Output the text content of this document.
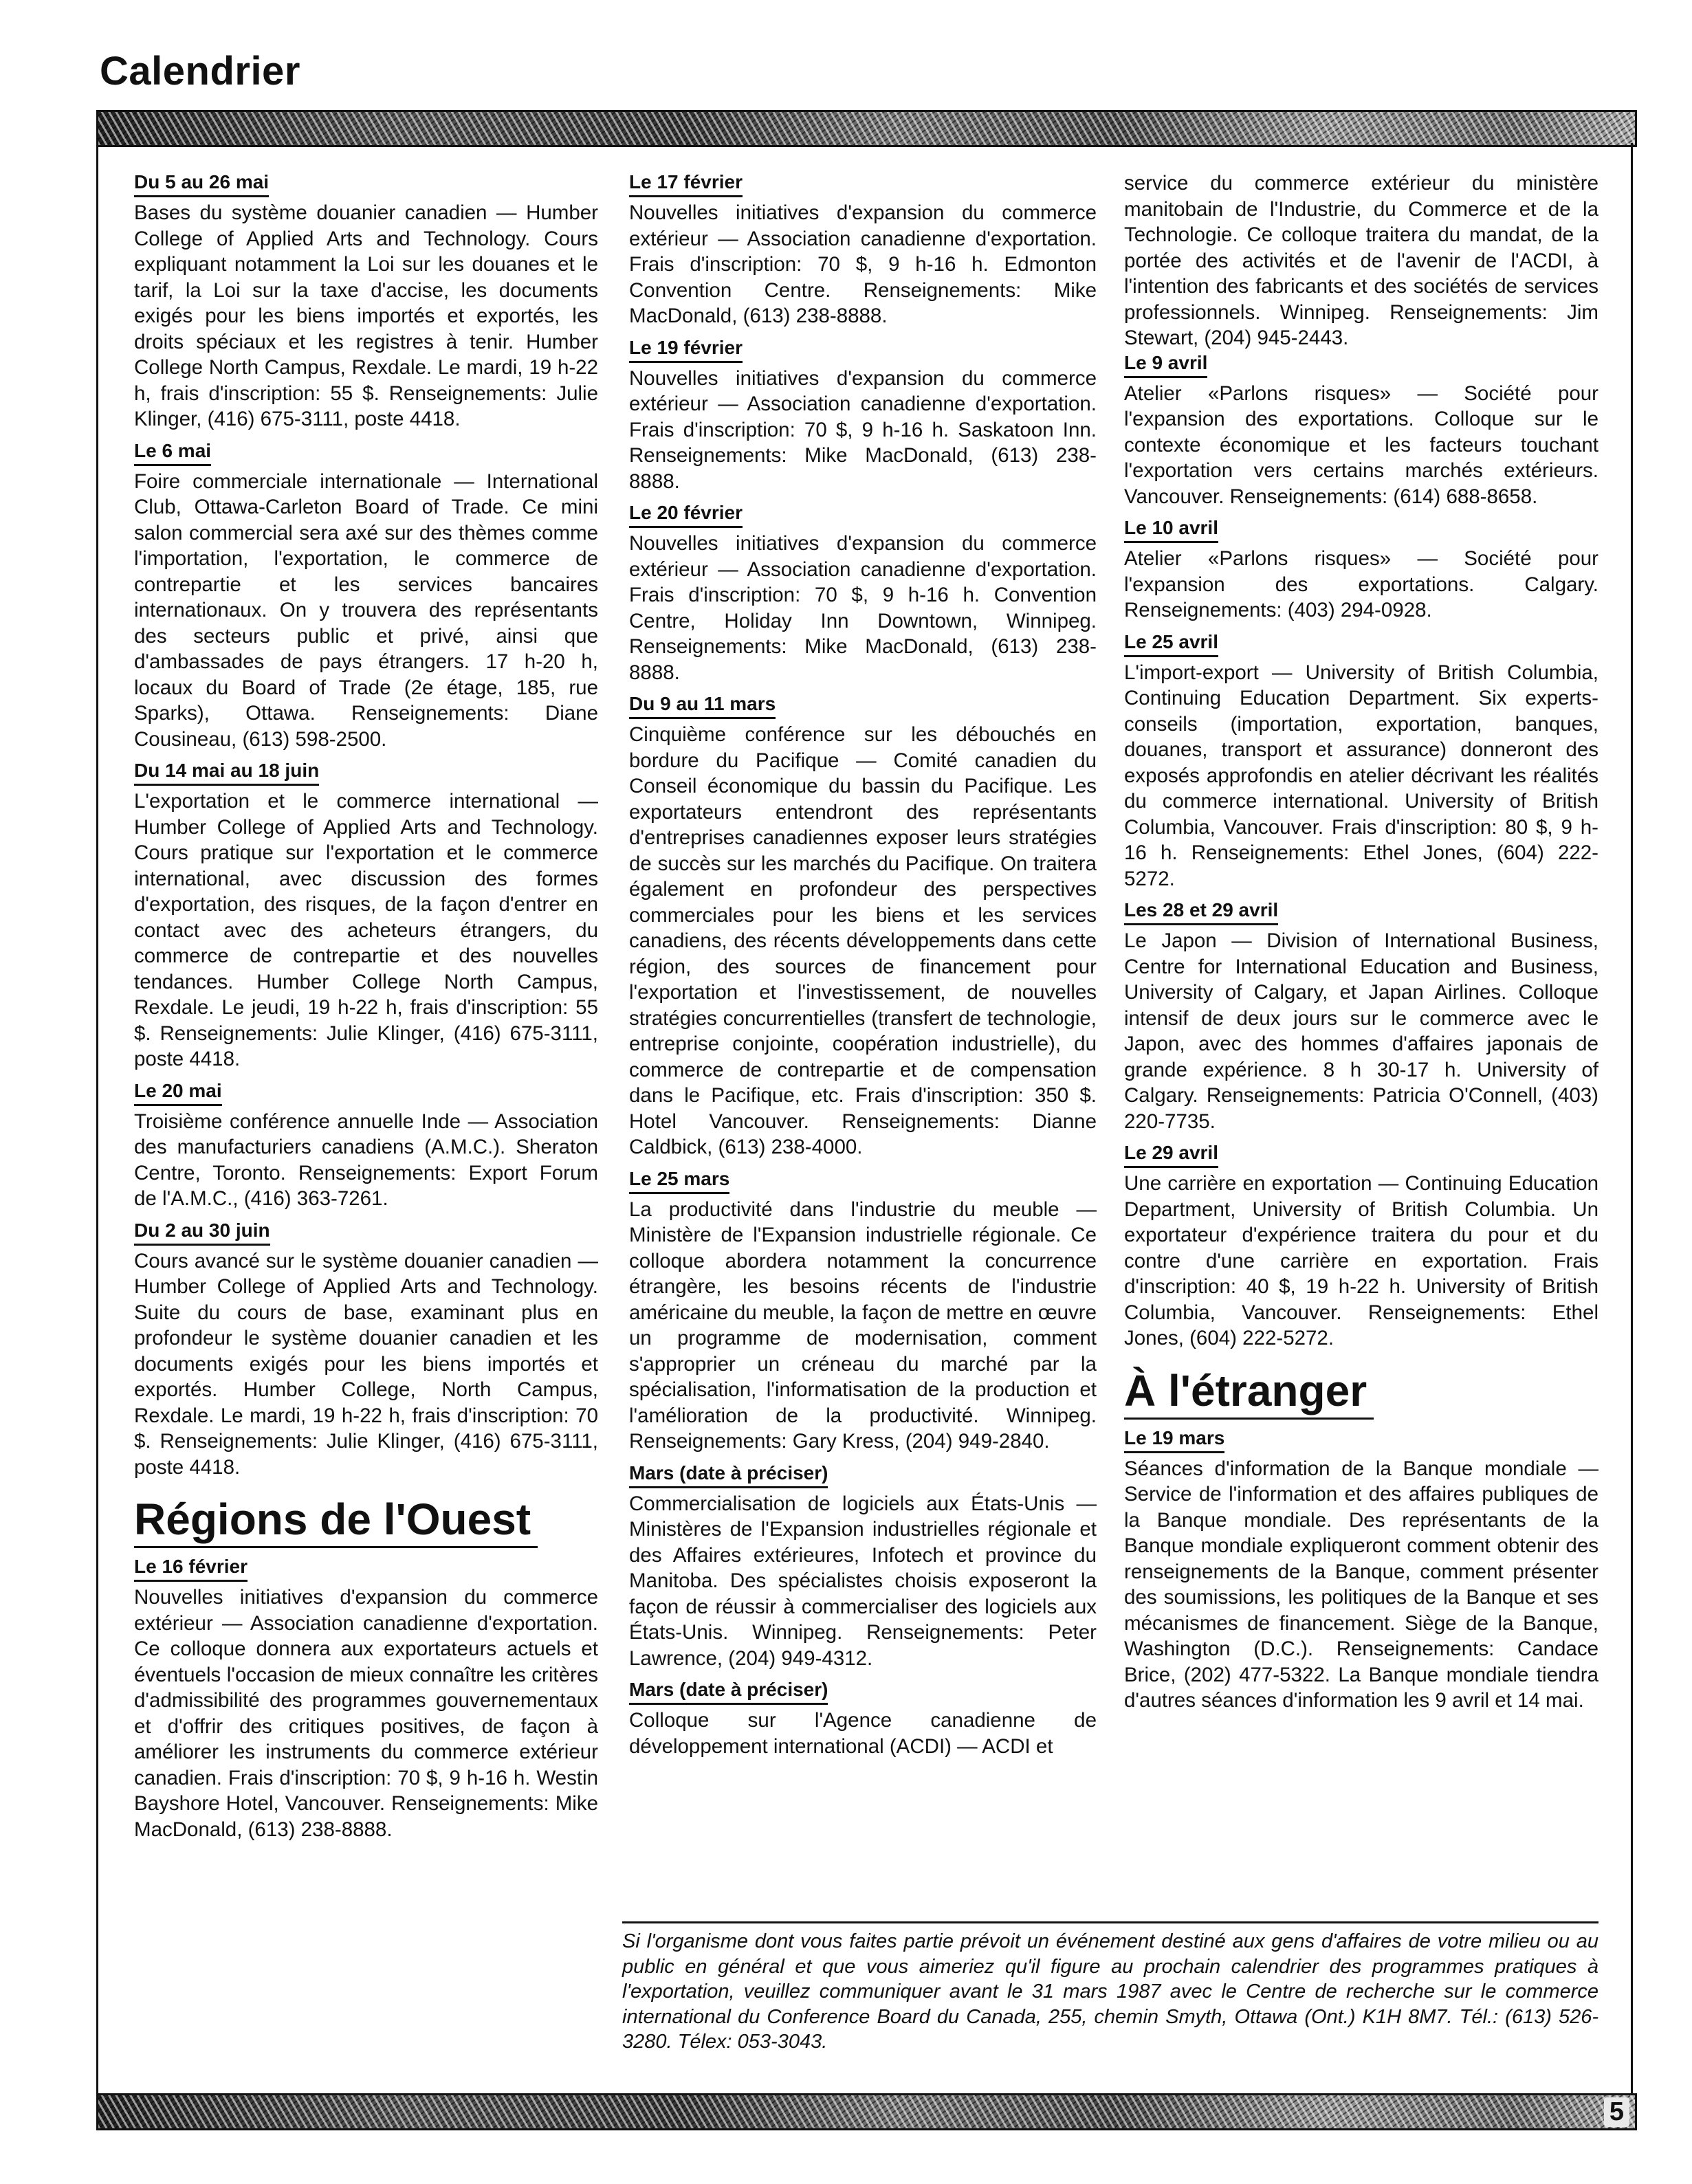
Calendrier
Du 5 au 26 mai

Bases du système douanier canadien — Humber College of Applied Arts and Technology. Cours expliquant notamment la Loi sur les douanes et le tarif, la Loi sur la taxe d'accise, les documents exigés pour les biens importés et exportés, les droits spéciaux et les registres à tenir. Humber College North Campus, Rexdale. Le mardi, 19 h-22 h, frais d'inscription: 55 $. Renseignements: Julie Klinger, (416) 675-3111, poste 4418.

Le 6 mai

Foire commerciale internationale — International Club, Ottawa-Carleton Board of Trade. Ce mini salon commercial sera axé sur des thèmes comme l'importation, l'exportation, le commerce de contrepartie et les services bancaires internationaux. On y trouvera des représentants des secteurs public et privé, ainsi que d'ambassades de pays étrangers. 17 h-20 h, locaux du Board of Trade (2e étage, 185, rue Sparks), Ottawa. Renseignements: Diane Cousineau, (613) 598-2500.

Du 14 mai au 18 juin

L'exportation et le commerce international — Humber College of Applied Arts and Technology. Cours pratique sur l'exportation et le commerce international, avec discussion des formes d'exportation, des risques, de la façon d'entrer en contact avec des acheteurs étrangers, du commerce de contrepartie et des nouvelles tendances. Humber College North Campus, Rexdale. Le jeudi, 19 h-22 h, frais d'inscription: 55 $. Renseignements: Julie Klinger, (416) 675-3111, poste 4418.

Le 20 mai

Troisième conférence annuelle Inde — Association des manufacturiers canadiens (A.M.C.). Sheraton Centre, Toronto. Renseignements: Export Forum de l'A.M.C., (416) 363-7261.

Du 2 au 30 juin

Cours avancé sur le système douanier canadien — Humber College of Applied Arts and Technology. Suite du cours de base, examinant plus en profondeur le système douanier canadien et les documents exigés pour les biens importés et exportés. Humber College, North Campus, Rexdale. Le mardi, 19 h-22 h, frais d'inscription: 70 $. Renseignements: Julie Klinger, (416) 675-3111, poste 4418.

Régions de l'Ouest
Le 16 février

Nouvelles initiatives d'expansion du commerce extérieur — Association canadienne d'exportation. Ce colloque donnera aux exportateurs actuels et éventuels l'occasion de mieux connaître les critères d'admissibilité des programmes gouvernementaux et d'offrir des critiques positives, de façon à améliorer les instruments du commerce extérieur canadien. Frais d'inscription: 70 $, 9 h-16 h. Westin Bayshore Hotel, Vancouver. Renseignements: Mike MacDonald, (613) 238-8888.

Le 17 février

Nouvelles initiatives d'expansion du commerce extérieur — Association canadienne d'exportation. Frais d'inscription: 70 $, 9 h-16 h. Edmonton Convention Centre. Renseignements: Mike MacDonald, (613) 238-8888.

Le 19 février

Nouvelles initiatives d'expansion du commerce extérieur — Association canadienne d'exportation. Frais d'inscription: 70 $, 9 h-16 h. Saskatoon Inn. Renseignements: Mike MacDonald, (613) 238-8888.

Le 20 février

Nouvelles initiatives d'expansion du commerce extérieur — Association canadienne d'exportation. Frais d'inscription: 70 $, 9 h-16 h. Convention Centre, Holiday Inn Downtown, Winnipeg. Renseignements: Mike MacDonald, (613) 238-8888.

Du 9 au 11 mars

Cinquième conférence sur les débouchés en bordure du Pacifique — Comité canadien du Conseil économique du bassin du Pacifique. Les exportateurs entendront des représentants d'entreprises canadiennes exposer leurs stratégies de succès sur les marchés du Pacifique. On traitera également en profondeur des perspectives commerciales pour les biens et les services canadiens, des récents développements dans cette région, des sources de financement pour l'exportation et l'investissement, de nouvelles stratégies concurrentielles (transfert de technologie, entreprise conjointe, coopération industrielle), du commerce de contrepartie et de compensation dans le Pacifique, etc. Frais d'inscription: 350 $. Hotel Vancouver. Renseignements: Dianne Caldbick, (613) 238-4000.

Le 25 mars

La productivité dans l'industrie du meuble — Ministère de l'Expansion industrielle régionale. Ce colloque abordera notamment la concurrence étrangère, les besoins récents de l'industrie américaine du meuble, la façon de mettre en œuvre un programme de modernisation, comment s'approprier un créneau du marché par la spécialisation, l'informatisation de la production et l'amélioration de la productivité. Winnipeg. Renseignements: Gary Kress, (204) 949-2840.

Mars (date à préciser)

Commercialisation de logiciels aux États-Unis — Ministères de l'Expansion industrielles régionale et des Affaires extérieures, Infotech et province du Manitoba. Des spécialistes choisis exposeront la façon de réussir à commercialiser des logiciels aux États-Unis. Winnipeg. Renseignements: Peter Lawrence, (204) 949-4312.

Mars (date à préciser)

Colloque sur l'Agence canadienne de développement international (ACDI) — ACDI et

service du commerce extérieur du ministère manitobain de l'Industrie, du Commerce et de la Technologie. Ce colloque traitera du mandat, de la portée des activités et de l'avenir de l'ACDI, à l'intention des fabricants et des sociétés de services professionnels. Winnipeg. Renseignements: Jim Stewart, (204) 945-2443.

Le 9 avril

Atelier «Parlons risques» — Société pour l'expansion des exportations. Colloque sur le contexte économique et les facteurs touchant l'exportation vers certains marchés extérieurs. Vancouver. Renseignements: (614) 688-8658.

Le 10 avril

Atelier «Parlons risques» — Société pour l'expansion des exportations. Calgary. Renseignements: (403) 294-0928.

Le 25 avril

L'import-export — University of British Columbia, Continuing Education Department. Six experts-conseils (importation, exportation, banques, douanes, transport et assurance) donneront des exposés approfondis en atelier décrivant les réalités du commerce international. University of British Columbia, Vancouver. Frais d'inscription: 80 $, 9 h-16 h. Renseignements: Ethel Jones, (604) 222-5272.

Les 28 et 29 avril

Le Japon — Division of International Business, Centre for International Education and Business, University of Calgary, et Japan Airlines. Colloque intensif de deux jours sur le commerce avec le Japon, avec des hommes d'affaires japonais de grande expérience. 8 h 30-17 h. University of Calgary. Renseignements: Patricia O'Connell, (403) 220-7735.

Le 29 avril

Une carrière en exportation — Continuing Education Department, University of British Columbia. Un exportateur d'expérience traitera du pour et du contre d'une carrière en exportation. Frais d'inscription: 40 $, 19 h-22 h. University of British Columbia, Vancouver. Renseignements: Ethel Jones, (604) 222-5272.

À l'étranger
Le 19 mars

Séances d'information de la Banque mondiale — Service de l'information et des affaires publiques de la Banque mondiale. Des représentants de la Banque mondiale expliqueront comment obtenir des renseignements de la Banque, comment présenter des soumissions, les politiques de la Banque et ses mécanismes de financement. Siège de la Banque, Washington (D.C.). Renseignements: Candace Brice, (202) 477-5322. La Banque mondiale tiendra d'autres séances d'information les 9 avril et 14 mai.

Si l'organisme dont vous faites partie prévoit un événement destiné aux gens d'affaires de votre milieu ou au public en général et que vous aimeriez qu'il figure au prochain calendrier des programmes pratiques à l'exportation, veuillez communiquer avant le 31 mars 1987 avec le Centre de recherche sur le commerce international du Conference Board du Canada, 255, chemin Smyth, Ottawa (Ont.) K1H 8M7. Tél.: (613) 526-3280. Télex: 053-3043.

5
